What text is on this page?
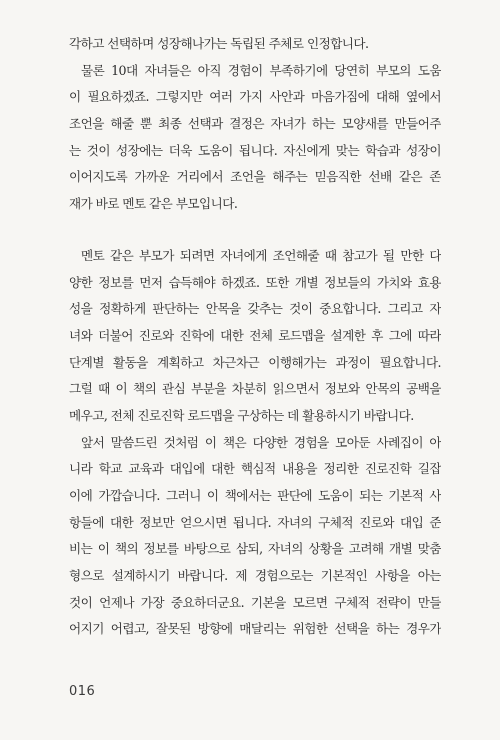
각하고 선택하며 성장해나가는 독립된 주체로 인정합니다.
물론 10대 자녀들은 아직 경험이 부족하기에 당연히 부모의 도움
이 필요하겠죠. 그렇지만 여러 가지 사안과 마음가짐에 대해 옆에서
조언을 해줄 뿐 최종 선택과 결정은 자녀가 하는 모양새를 만들어주
는 것이 성장에는 더욱 도움이 됩니다. 자신에게 맞는 학습과 성장이
이어지도록 가까운 거리에서 조언을 해주는 믿음직한 선배 같은 존
재가 바로 멘토 같은 부모입니다.
멘토 같은 부모가 되려면 자녀에게 조언해줄 때 참고가 될 만한 다
양한 정보를 먼저 습득해야 하겠죠. 또한 개별 정보들의 가치와 효용
성을 정확하게 판단하는 안목을 갖추는 것이 중요합니다. 그리고 자
녀와 더불어 진로와 진학에 대한 전체 로드맵을 설계한 후 그에 따라
단계별 활동을 계획하고 차근차근 이행해가는 과정이 필요합니다.
그럴 때 이 책의 관심 부분을 차분히 읽으면서 정보와 안목의 공백을
메우고, 전체 진로진학 로드맵을 구상하는 데 활용하시기 바랍니다.
앞서 말씀드린 것처럼 이 책은 다양한 경험을 모아둔 사례집이 아
니라 학교 교육과 대입에 대한 핵심적 내용을 정리한 진로진학 길잡
이에 가깝습니다. 그러니 이 책에서는 판단에 도움이 되는 기본적 사
항들에 대한 정보만 얻으시면 됩니다. 자녀의 구체적 진로와 대입 준
비는 이 책의 정보를 바탕으로 삼되, 자녀의 상황을 고려해 개별 맞춤
형으로 설계하시기 바랍니다. 제 경험으로는 기본적인 사항을 아는
것이 언제나 가장 중요하더군요. 기본을 모르면 구체적 전략이 만들
어지기 어렵고, 잘못된 방향에 매달리는 위험한 선택을 하는 경우가
016
